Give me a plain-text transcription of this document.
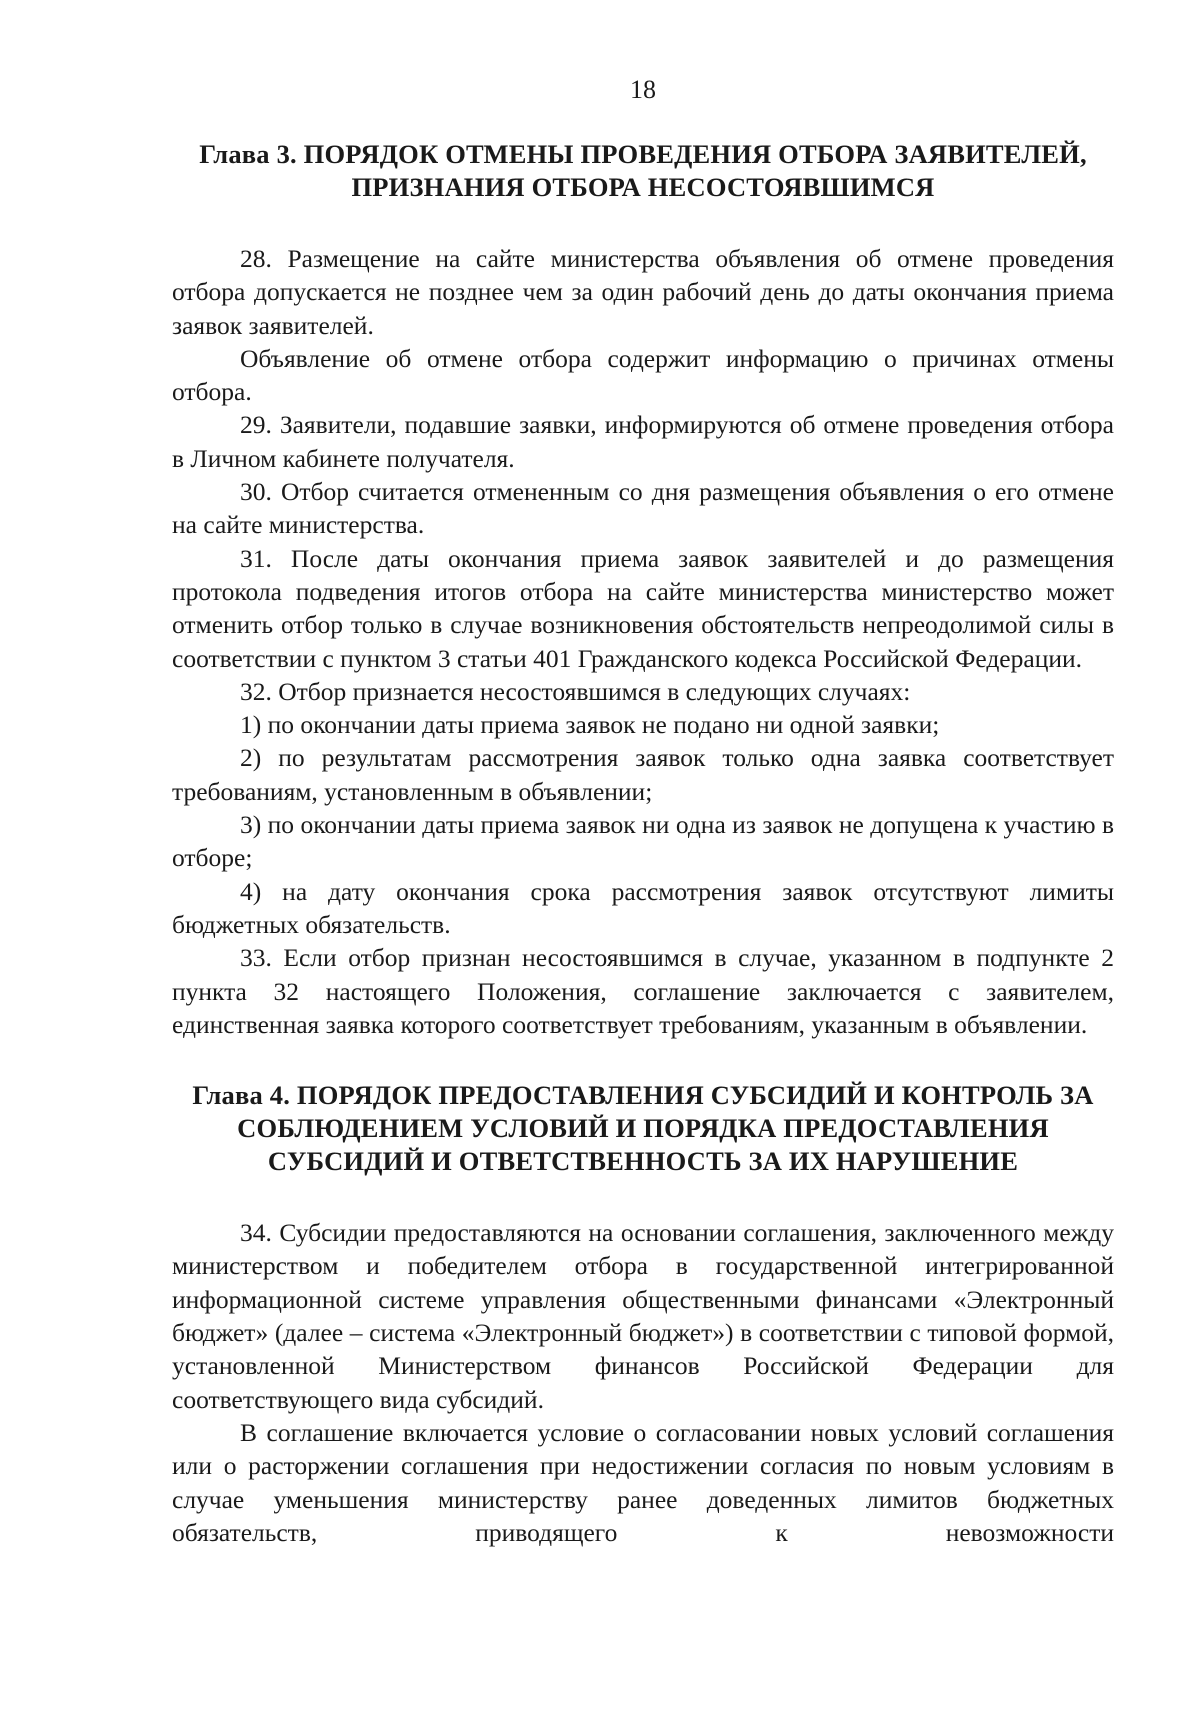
18
Глава 3. ПОРЯДОК ОТМЕНЫ ПРОВЕДЕНИЯ ОТБОРА ЗАЯВИТЕЛЕЙ,
ПРИЗНАНИЯ ОТБОРА НЕСОСТОЯВШИМСЯ

28. Размещение на сайте министерства объявления об отмене проведения отбора допускается не позднее чем за один рабочий день до даты окончания приема заявок заявителей.

Объявление об отмене отбора содержит информацию о причинах отмены отбора.

29. Заявители, подавшие заявки, информируются об отмене проведения отбора в Личном кабинете получателя.

30. Отбор считается отмененным со дня размещения объявления о его отмене на сайте министерства.

31. После даты окончания приема заявок заявителей и до размещения протокола подведения итогов отбора на сайте министерства министерство может отменить отбор только в случае возникновения обстоятельств непреодолимой силы в соответствии с пунктом 3 статьи 401 Гражданского кодекса Российской Федерации.

32. Отбор признается несостоявшимся в следующих случаях:

1) по окончании даты приема заявок не подано ни одной заявки;

2) по результатам рассмотрения заявок только одна заявка соответствует требованиям, установленным в объявлении;

3) по окончании даты приема заявок ни одна из заявок не допущена к участию в отборе;

4) на дату окончания срока рассмотрения заявок отсутствуют лимиты бюджетных обязательств.

33. Если отбор признан несостоявшимся в случае, указанном в подпункте 2 пункта 32 настоящего Положения, соглашение заключается с заявителем, единственная заявка которого соответствует требованиям, указанным в объявлении.

Глава 4. ПОРЯДОК ПРЕДОСТАВЛЕНИЯ СУБСИДИЙ И КОНТРОЛЬ ЗА
СОБЛЮДЕНИЕМ УСЛОВИЙ И ПОРЯДКА ПРЕДОСТАВЛЕНИЯ
СУБСИДИЙ И ОТВЕТСТВЕННОСТЬ ЗА ИХ НАРУШЕНИЕ

34. Субсидии предоставляются на основании соглашения, заключенного между министерством и победителем отбора в государственной интегрированной информационной системе управления общественными финансами «Электронный бюджет» (далее – система «Электронный бюджет») в соответствии с типовой формой, установленной Министерством финансов Российской Федерации для соответствующего вида субсидий.

В соглашение включается условие о согласовании новых условий соглашения или о расторжении соглашения при недостижении согласия по новым условиям в случае уменьшения министерству ранее доведенных лимитов бюджетных обязательств, приводящего к невозможности
